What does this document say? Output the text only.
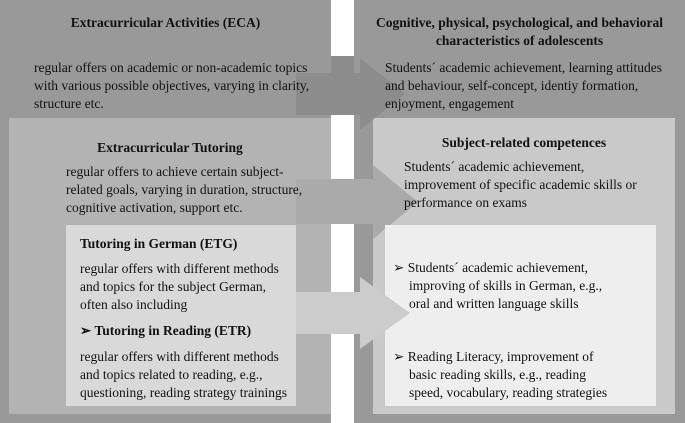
Extracurricular Activities (ECA)
regular offers on academic or non-academic topics
with various possible objectives, varying in clarity,
structure etc.
Cognitive, physical, psychological, and behavioral
characteristics of adolescents
Students´ academic achievement, learning attitudes
and behaviour, self-concept, identiy formation,
enjoyment, engagement
Extracurricular Tutoring
regular offers to achieve certain subject-
related goals, varying in duration, structure,
cognitive activation, support etc.
Subject-related competences
Students´ academic achievement,
improvement of specific academic skills or
performance on exams
Tutoring in German (ETG)
regular offers with different methods
and topics for the subject German,
often also including
➢ Tutoring in Reading (ETR)
regular offers with different methods
and topics related to reading, e.g.,
questioning, reading strategy trainings
➢ Students´ academic achievement,
improving of skills in German, e.g.,
oral and written language skills
➢ Reading Literacy, improvement of
basic reading skills, e.g., reading
speed, vocabulary, reading strategies
